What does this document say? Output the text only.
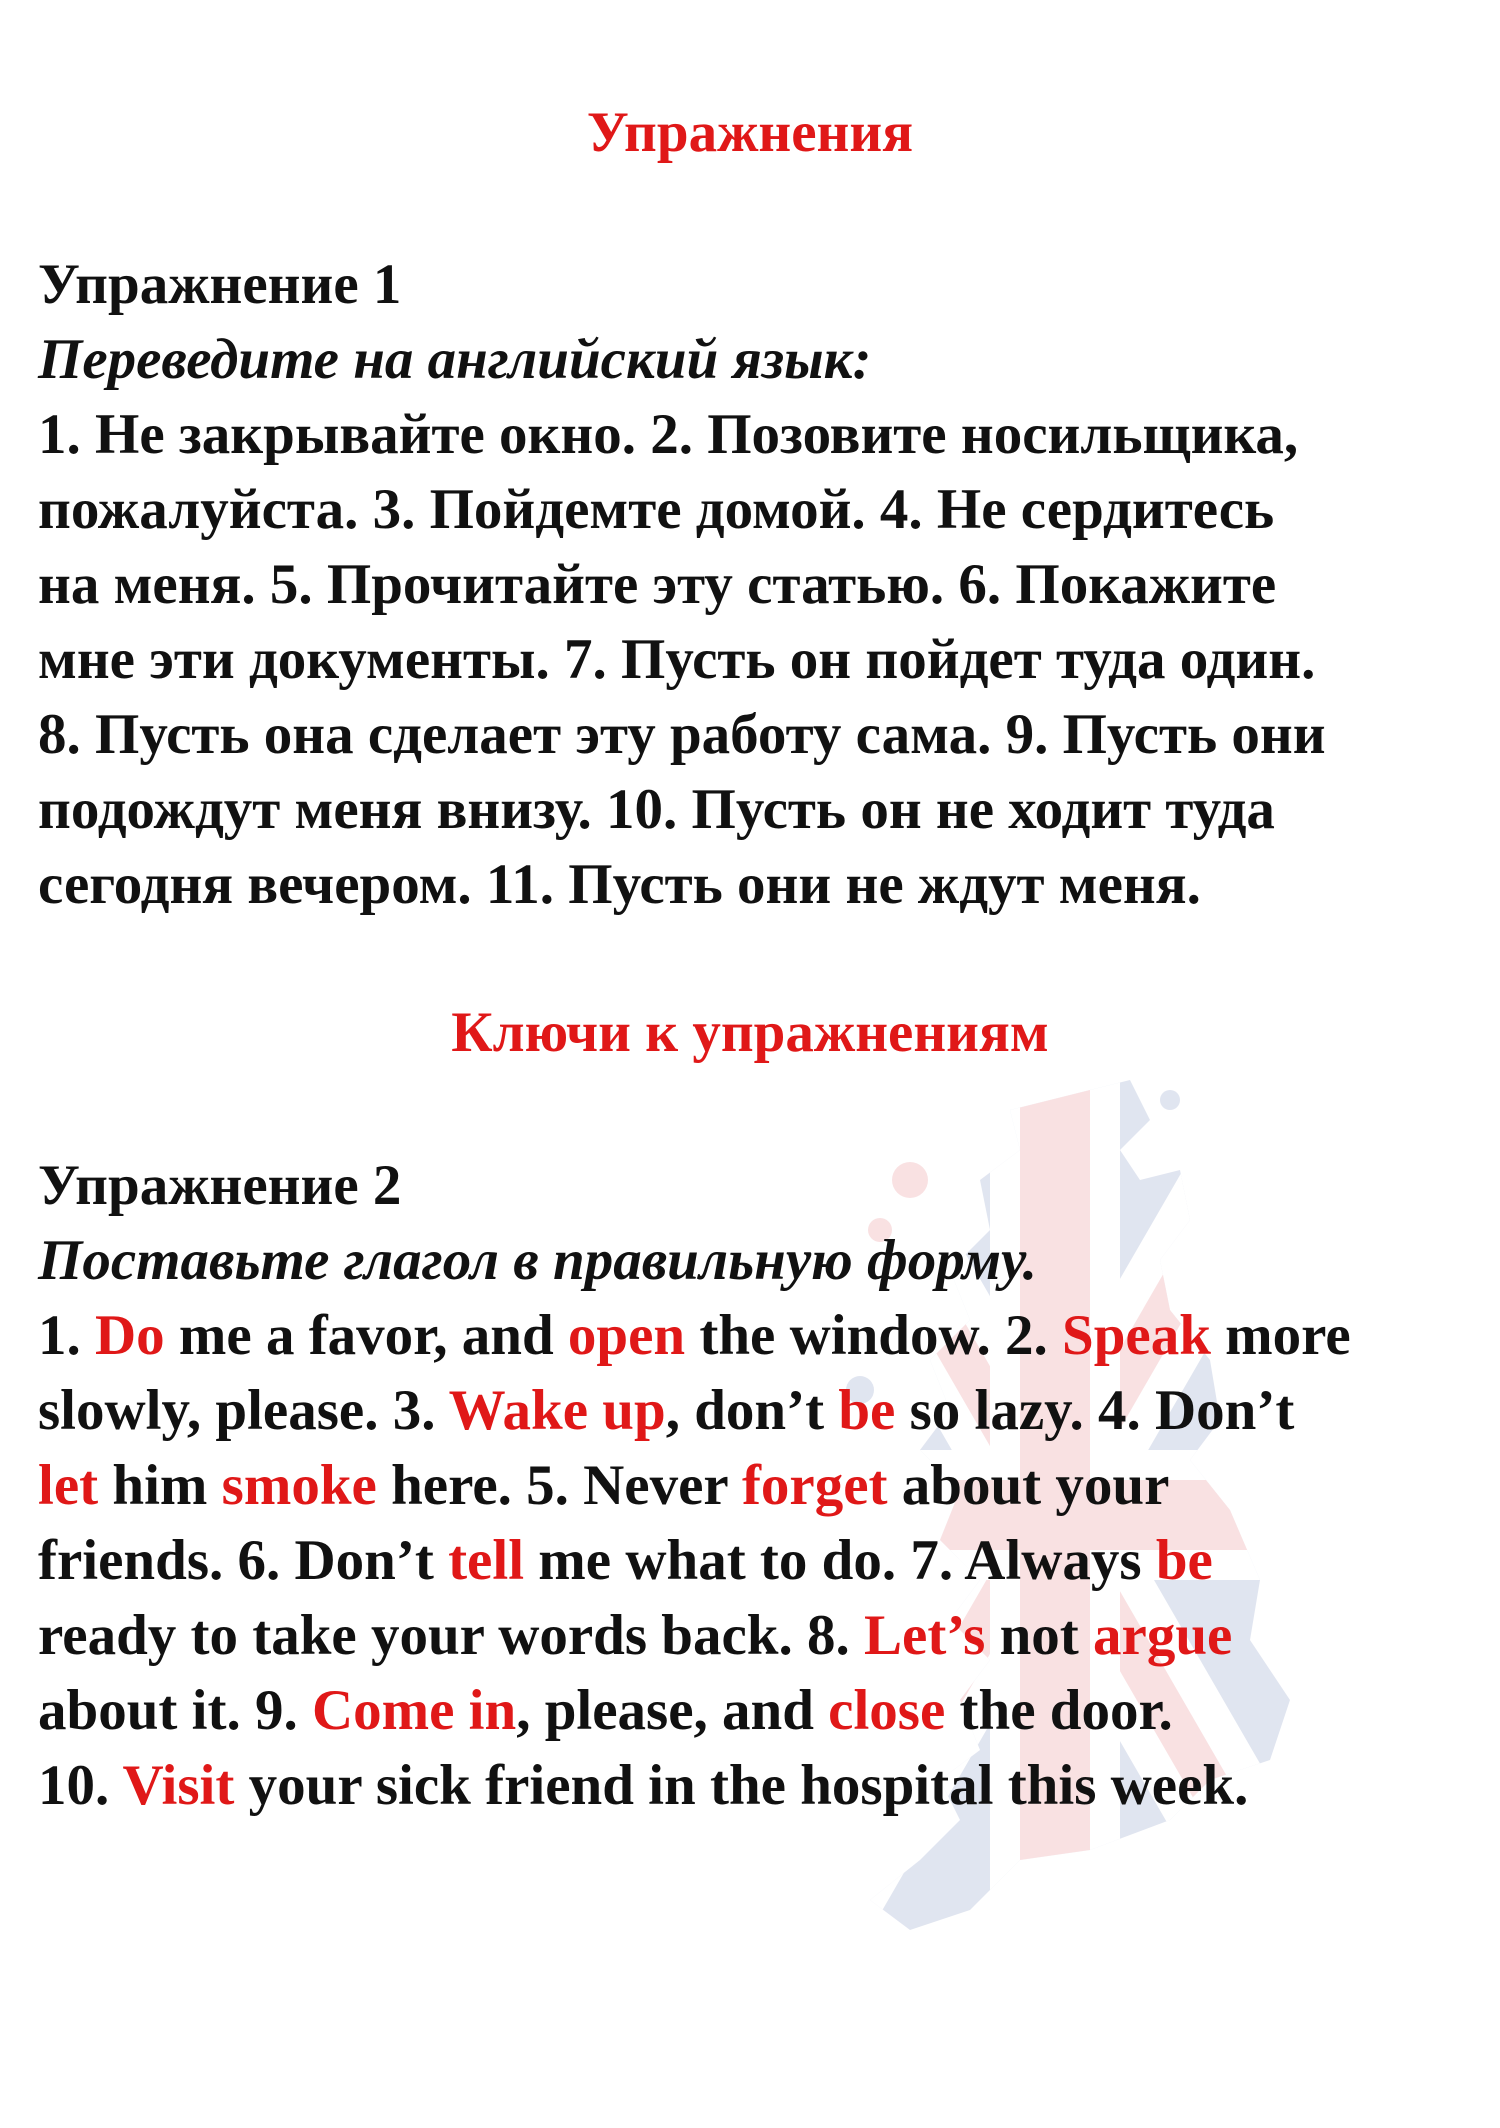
Упражнения
Упражнение 1
Переведите на английский язык:
1. Не закрывайте окно. 2. Позовите носильщика,
пожалуйста. 3. Пойдемте домой. 4. Не сердитесь
на меня. 5. Прочитайте эту статью. 6. Покажите
мне эти документы. 7. Пусть он пойдет туда один.
8. Пусть она сделает эту работу сама. 9. Пусть они
подождут меня внизу. 10. Пусть он не ходит туда
сегодня вечером. 11. Пусть они не ждут меня.
Ключи к упражнениям
Упражнение 2
Поставьте глагол в правильную форму.
1. Do me a favor, and open the window. 2. Speak more
slowly, please. 3. Wake up, don’t be so lazy. 4. Don’t
let him smoke here. 5. Never forget about your
friends. 6. Don’t tell me what to do. 7. Always be
ready to take your words back. 8. Let’s not argue
about it. 9. Come in, please, and close the door.
10. Visit your sick friend in the hospital this week.
